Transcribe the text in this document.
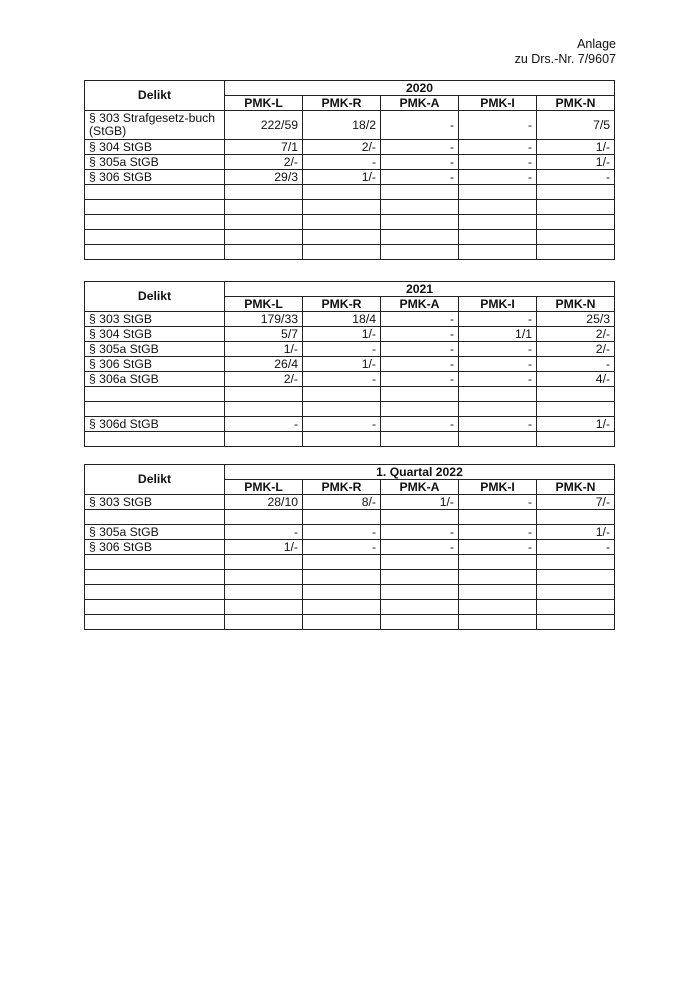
Anlage
zu Drs.-Nr. 7/9607
Delikt	2020				
	PMK-L	PMK-R	PMK-A	PMK-I	PMK-N
§ 303 Strafgesetz-buch (StGB)	222/59	18/2	-	-	7/5
§ 304 StGB	7/1	2/-	-	-	1/-
§ 305a StGB	2/-	-	-	-	1/-
§ 306 StGB	29/3	1/-	-	-	-

Delikt	2021				
	PMK-L	PMK-R	PMK-A	PMK-I	PMK-N
§ 303 StGB	179/33	18/4	-	-	25/3
§ 304 StGB	5/7	1/-	-	1/1	2/-
§ 305a StGB	1/-	-	-	-	2/-
§ 306 StGB	26/4	1/-	-	-	-
§ 306a StGB	2/-	-	-	-	4/-

§ 306d StGB	-	-	-	-	1/-

Delikt	1. Quartal 2022				
	PMK-L	PMK-R	PMK-A	PMK-I	PMK-N
§ 303 StGB	28/10	8/-	1/-	-	7/-

§ 305a StGB	-	-	-	-	1/-
§ 306 StGB	1/-	-	-	-	-
